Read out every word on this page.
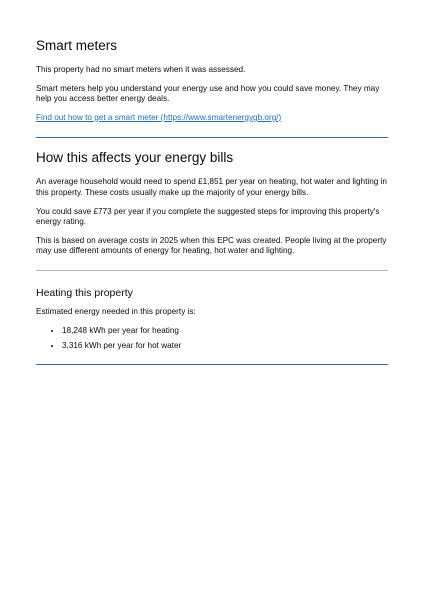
Smart meters

This property had no smart meters when it was assessed.

Smart meters help you understand your energy use and how you could save money. They may help you access better energy deals.

Find out how to get a smart meter (https://www.smartenergygb.org/)

How this affects your energy bills

An average household would need to spend £1,851 per year on heating, hot water and lighting in this property. These costs usually make up the majority of your energy bills.

You could save £773 per year if you complete the suggested steps for improving this property's energy rating.

This is based on average costs in 2025 when this EPC was created. People living at the property may use different amounts of energy for heating, hot water and lighting.

Heating this property

Estimated energy needed in this property is:

• 18,248 kWh per year for heating
• 3,316 kWh per year for hot water
